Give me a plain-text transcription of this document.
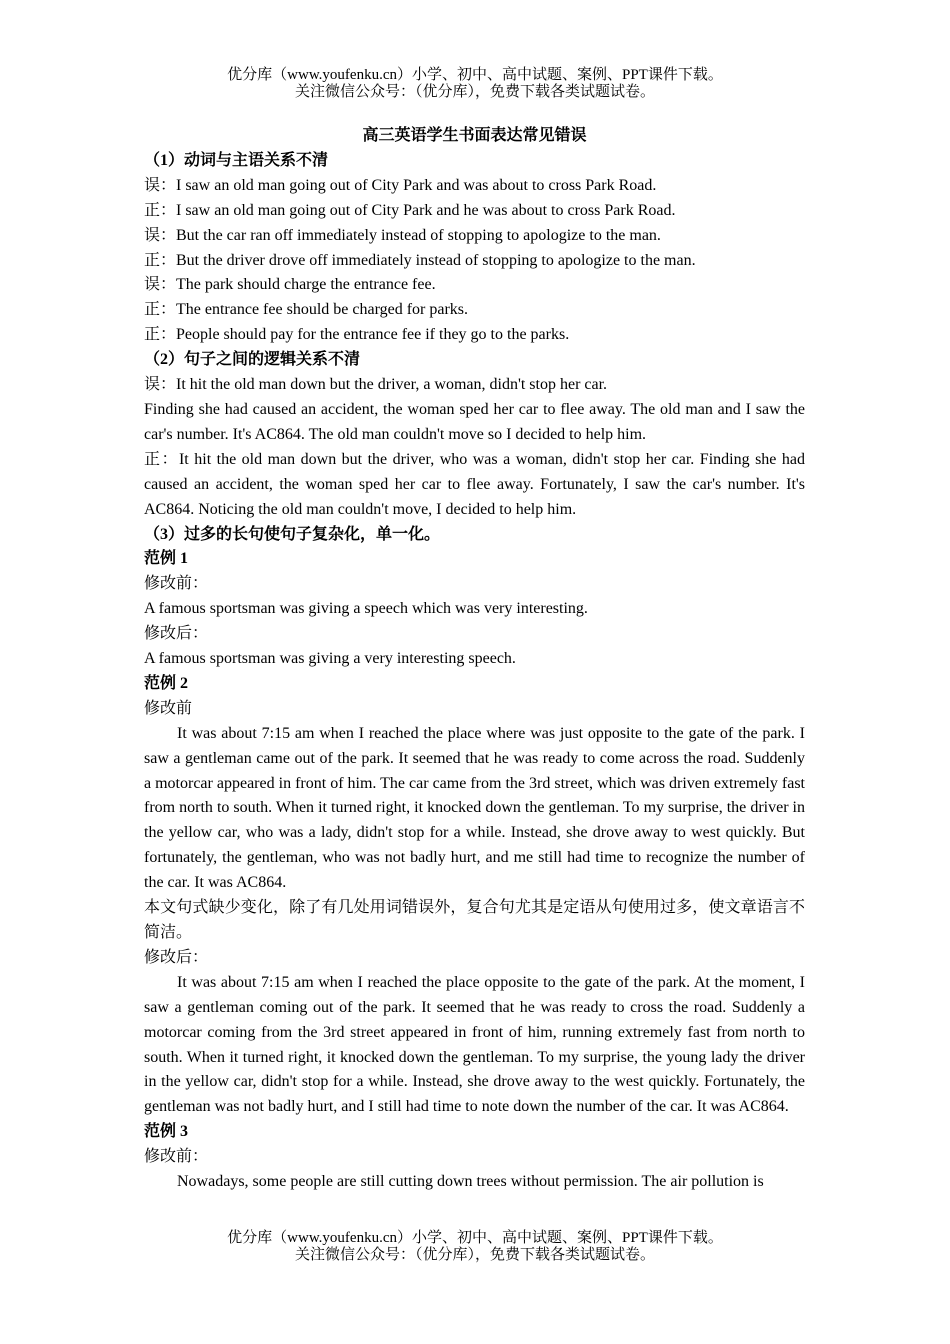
优分库（www.youfenku.cn）小学、初中、高中试题、案例、PPT课件下载。
关注微信公众号：（优分库），免费下载各类试题试卷。

高三英语学生书面表达常见错误

（1）动词与主语关系不清

误：I saw an old man going out of City Park and was about to cross Park Road.

正：I saw an old man going out of City Park and he was about to cross Park Road.

误：But the car ran off immediately instead of stopping to apologize to the man.

正：But the driver drove off immediately instead of stopping to apologize to the man.

误：The park should charge the entrance fee.

正：The entrance fee should be charged for parks.

正：People should pay for the entrance fee if they go to the parks.

（2）句子之间的逻辑关系不清

误：It hit the old man down but the driver, a woman, didn't stop her car.

Finding she had caused an accident, the woman sped her car to flee away. The old man and I saw the car's number. It's AC864. The old man couldn't move so I decided to help him.

正：It hit the old man down but the driver, who was a woman, didn't stop her car. Finding she had caused an accident, the woman sped her car to flee away. Fortunately, I saw the car's number. It's AC864. Noticing the old man couldn't move, I decided to help him.

（3）过多的长句使句子复杂化，单一化。

范例 1

修改前：

A famous sportsman was giving a speech which was very interesting.

修改后：

A famous sportsman was giving a very interesting speech.

范例 2

修改前

It was about 7:15 am when I reached the place where was just opposite to the gate of the park. I saw a gentleman came out of the park. It seemed that he was ready to come across the road. Suddenly a motorcar appeared in front of him. The car came from the 3rd street, which was driven extremely fast from north to south. When it turned right, it knocked down the gentleman. To my surprise, the driver in the yellow car, who was a lady, didn't stop for a while. Instead, she drove away to west quickly. But fortunately, the gentleman, who was not badly hurt, and me still had time to recognize the number of the car. It was AC864.

本文句式缺少变化，除了有几处用词错误外，复合句尤其是定语从句使用过多，使文章语言不简洁。

修改后：

It was about 7:15 am when I reached the place opposite to the gate of the park. At the moment, I saw a gentleman coming out of the park. It seemed that he was ready to cross the road. Suddenly a motorcar coming from the 3rd street appeared in front of him, running extremely fast from north to south. When it turned right, it knocked down the gentleman. To my surprise, the young lady the driver in the yellow car, didn't stop for a while. Instead, she drove away to the west quickly. Fortunately, the gentleman was not badly hurt, and I still had time to note down the number of the car. It was AC864.

范例 3

修改前：

Nowadays, some people are still cutting down trees without permission. The air pollution is

优分库（www.youfenku.cn）小学、初中、高中试题、案例、PPT课件下载。
关注微信公众号：（优分库），免费下载各类试题试卷。
